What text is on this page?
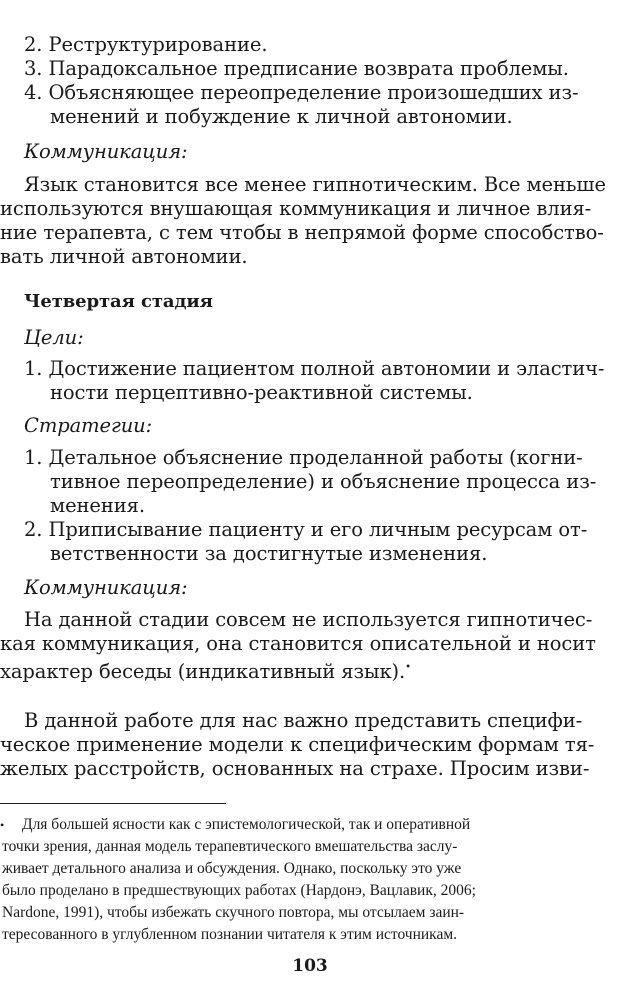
2. Реструктурирование.
3. Парадоксальное предписание возврата проблемы.
4. Объясняющее переопределение произошедших из-
менений и побуждение к личной автономии.
Коммуникация:
Язык становится все менее гипнотическим. Все меньше
используются внушающая коммуникация и личное влия-
ние терапевта, с тем чтобы в непрямой форме способство-
вать личной автономии.
Четвертая стадия
Цели:
1. Достижение пациентом полной автономии и эластич-
ности перцептивно-реактивной системы.
Стратегии:
1. Детальное объяснение проделанной работы (когни-
тивное переопределение) и объяснение процесса из-
менения.
2. Приписывание пациенту и его личным ресурсам от-
ветственности за достигнутые изменения.
Коммуникация:
На данной стадии совсем не используется гипнотичес-
кая коммуникация, она становится описательной и носит
характер беседы (индикативный язык).•
В данной работе для нас важно представить специфи-
ческое применение модели к специфическим формам тя-
желых расстройств, основанных на страхе. Просим изви-
• Для большей ясности как с эпистемологической, так и оперативной
точки зрения, данная модель терапевтического вмешательства заслу-
живает детального анализа и обсуждения. Однако, поскольку это уже
было проделано в предшествующих работах (Нардонэ, Вацлавик, 2006;
Nardone, 1991), чтобы избежать скучного повтора, мы отсылаем заин-
тересованного в углубленном познании читателя к этим источникам.
103
